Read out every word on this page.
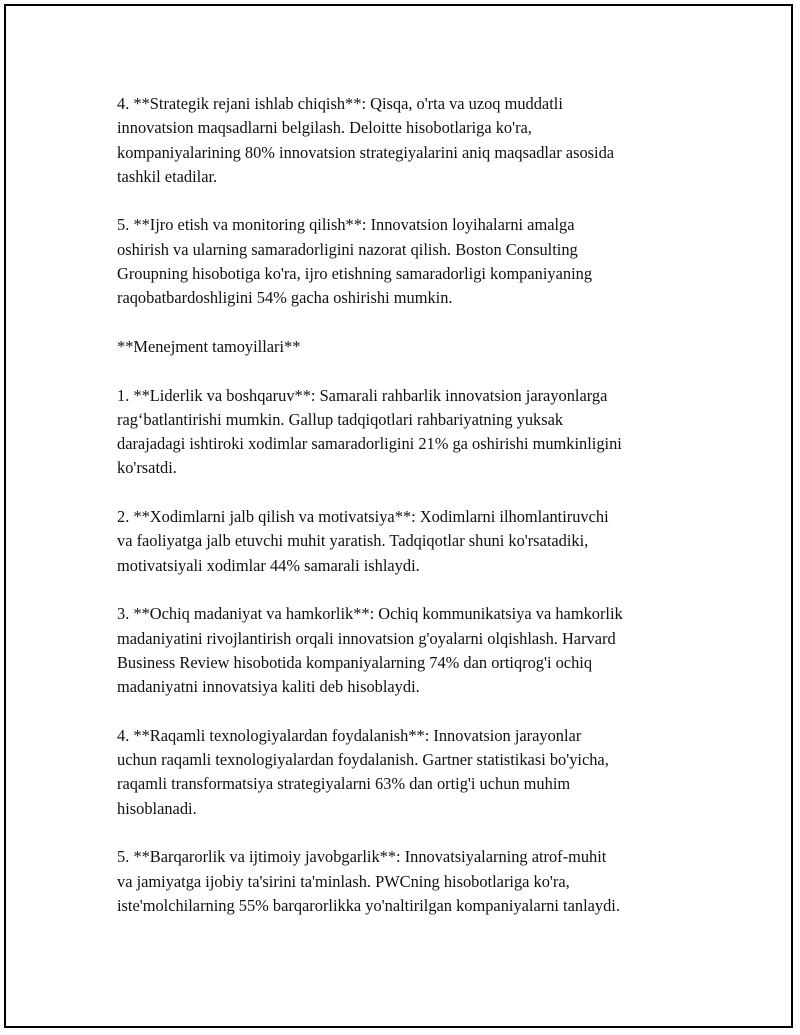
4. **Strategik rejani ishlab chiqish**: Qisqa, o'rta va uzoq muddatli
innovatsion maqsadlarni belgilash. Deloitte hisobotlariga ko'ra,
kompaniyalarining 80% innovatsion strategiyalarini aniq maqsadlar asosida
tashkil etadilar.

5. **Ijro etish va monitoring qilish**: Innovatsion loyihalarni amalga
oshirish va ularning samaradorligini nazorat qilish. Boston Consulting
Groupning hisobotiga ko'ra, ijro etishning samaradorligi kompaniyaning
raqobatbardoshligini 54% gacha oshirishi mumkin.

**Menejment tamoyillari**

1. **Liderlik va boshqaruv**: Samarali rahbarlik innovatsion jarayonlarga
rag‘batlantirishi mumkin. Gallup tadqiqotlari rahbariyatning yuksak
darajadagi ishtiroki xodimlar samaradorligini 21% ga oshirishi mumkinligini
ko'rsatdi.

2. **Xodimlarni jalb qilish va motivatsiya**: Xodimlarni ilhomlantiruvchi
va faoliyatga jalb etuvchi muhit yaratish. Tadqiqotlar shuni ko'rsatadiki,
motivatsiyali xodimlar 44% samarali ishlaydi.

3. **Ochiq madaniyat va hamkorlik**: Ochiq kommunikatsiya va hamkorlik
madaniyatini rivojlantirish orqali innovatsion g'oyalarni olqishlash. Harvard
Business Review hisobotida kompaniyalarning 74% dan ortiqrog'i ochiq
madaniyatni innovatsiya kaliti deb hisoblaydi.

4. **Raqamli texnologiyalardan foydalanish**: Innovatsion jarayonlar
uchun raqamli texnologiyalardan foydalanish. Gartner statistikasi bo'yicha,
raqamli transformatsiya strategiyalarni 63% dan ortig'i uchun muhim
hisoblanadi.

5. **Barqarorlik va ijtimoiy javobgarlik**: Innovatsiyalarning atrof-muhit
va jamiyatga ijobiy ta'sirini ta'minlash. PWCning hisobotlariga ko'ra,
iste'molchilarning 55% barqarorlikka yo'naltirilgan kompaniyalarni tanlaydi.
